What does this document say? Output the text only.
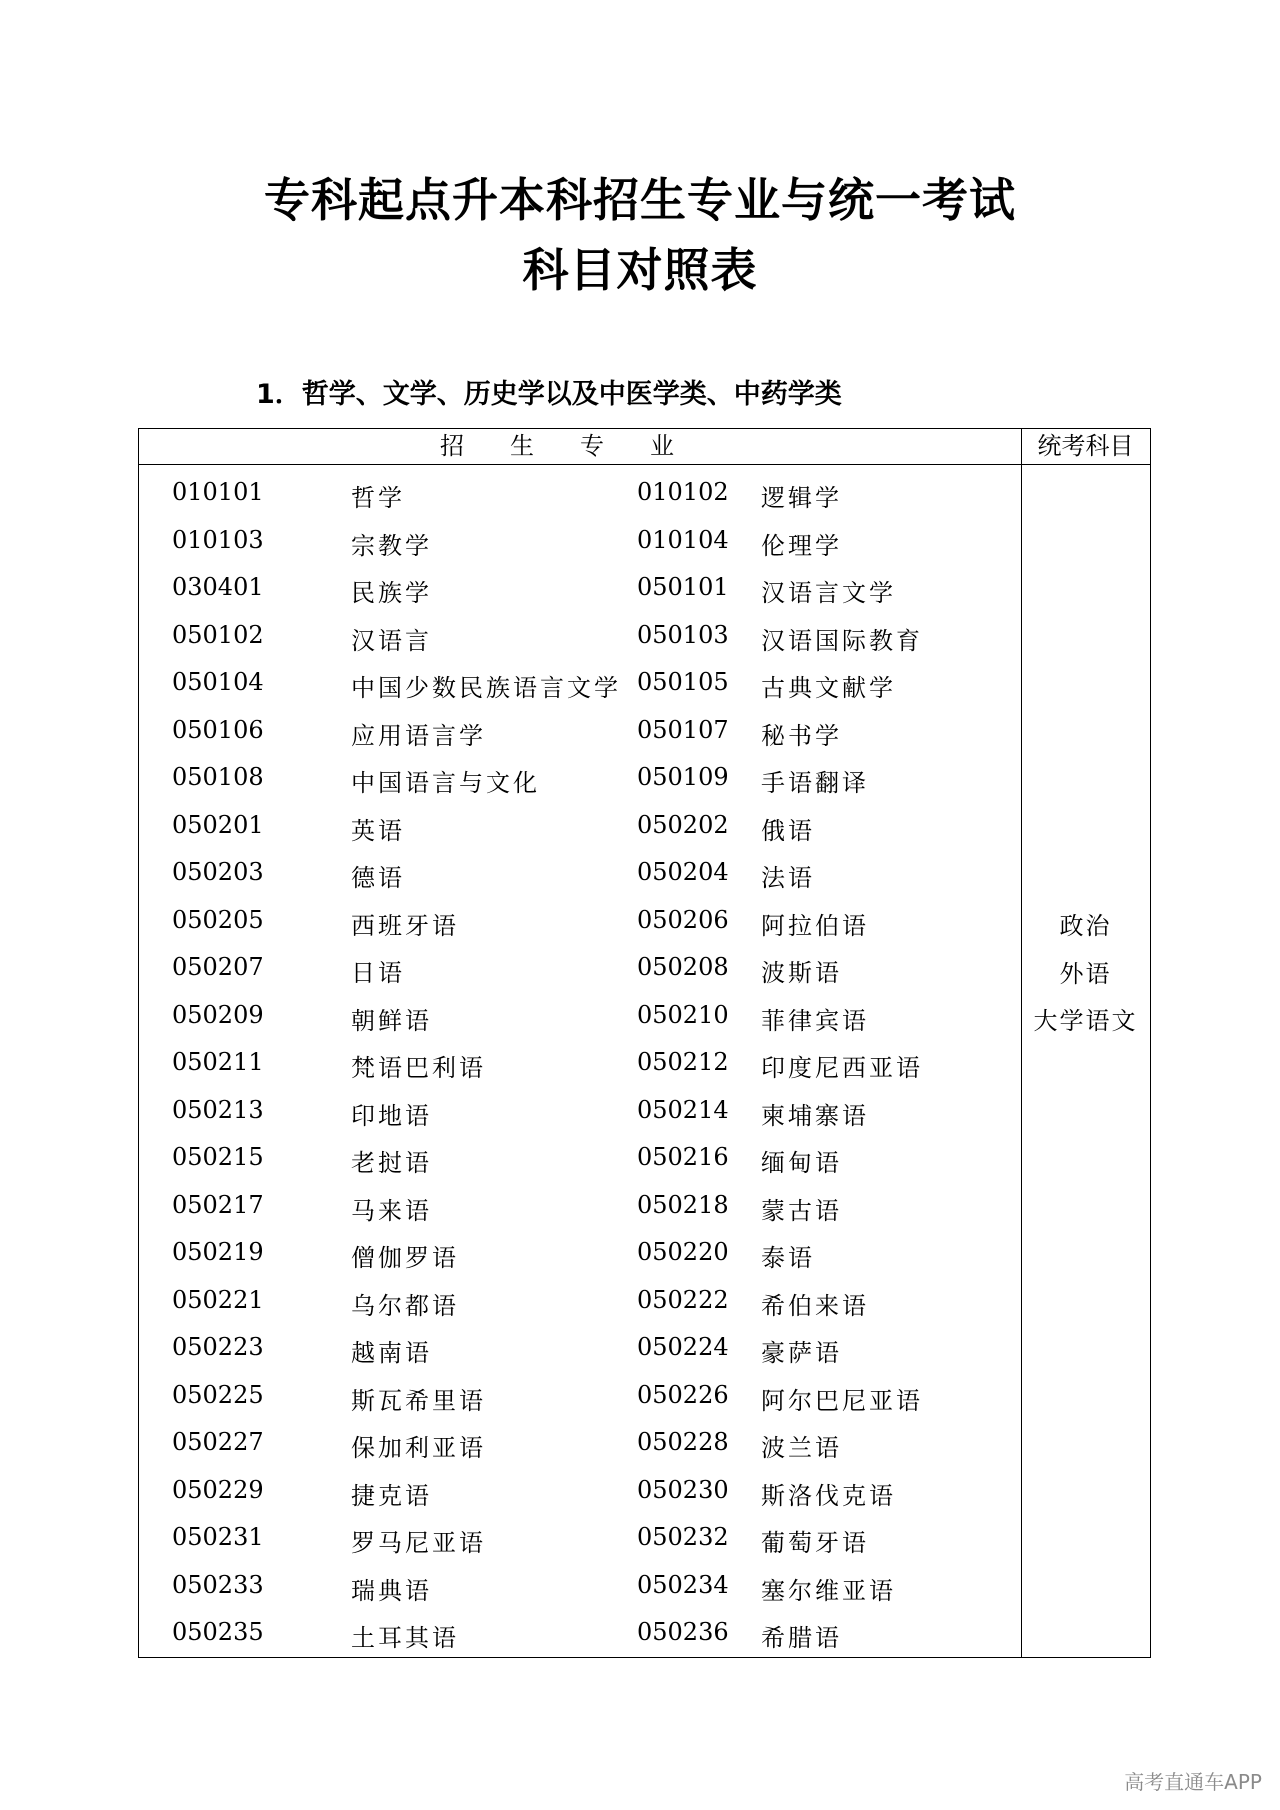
专科起点升本科招生专业与统一考试
科目对照表
1．哲学、文学、历史学以及中医学类、中药学类
招生专业	统考科目
010101	哲学	010102 逻辑学
010103	宗教学	010104 伦理学
030401	民族学	050101 汉语言文学
050102	汉语言	050103 汉语国际教育
050104	中国少数民族语言文学 050105 古典文献学
050106	应用语言学	050107 秘书学
050108	中国语言与文化	050109 手语翻译
050201	英语	050202 俄语
050203	德语	050204 法语
050205	西班牙语	050206 阿拉伯语
050207	日语	050208 波斯语
050209	朝鲜语	050210 菲律宾语
050211	梵语巴利语	050212 印度尼西亚语
050213	印地语	050214 柬埔寨语
050215	老挝语	050216 缅甸语
050217	马来语	050218 蒙古语
050219	僧伽罗语	050220 泰语
050221	乌尔都语	050222 希伯来语
050223	越南语	050224 豪萨语
050225	斯瓦希里语	050226 阿尔巴尼亚语
050227	保加利亚语	050228 波兰语
050229	捷克语	050230 斯洛伐克语
050231	罗马尼亚语	050232 葡萄牙语
050233	瑞典语	050234 塞尔维亚语
050235	土耳其语	050236 希腊语
政治
外语
大学语文
高考直通车APP
